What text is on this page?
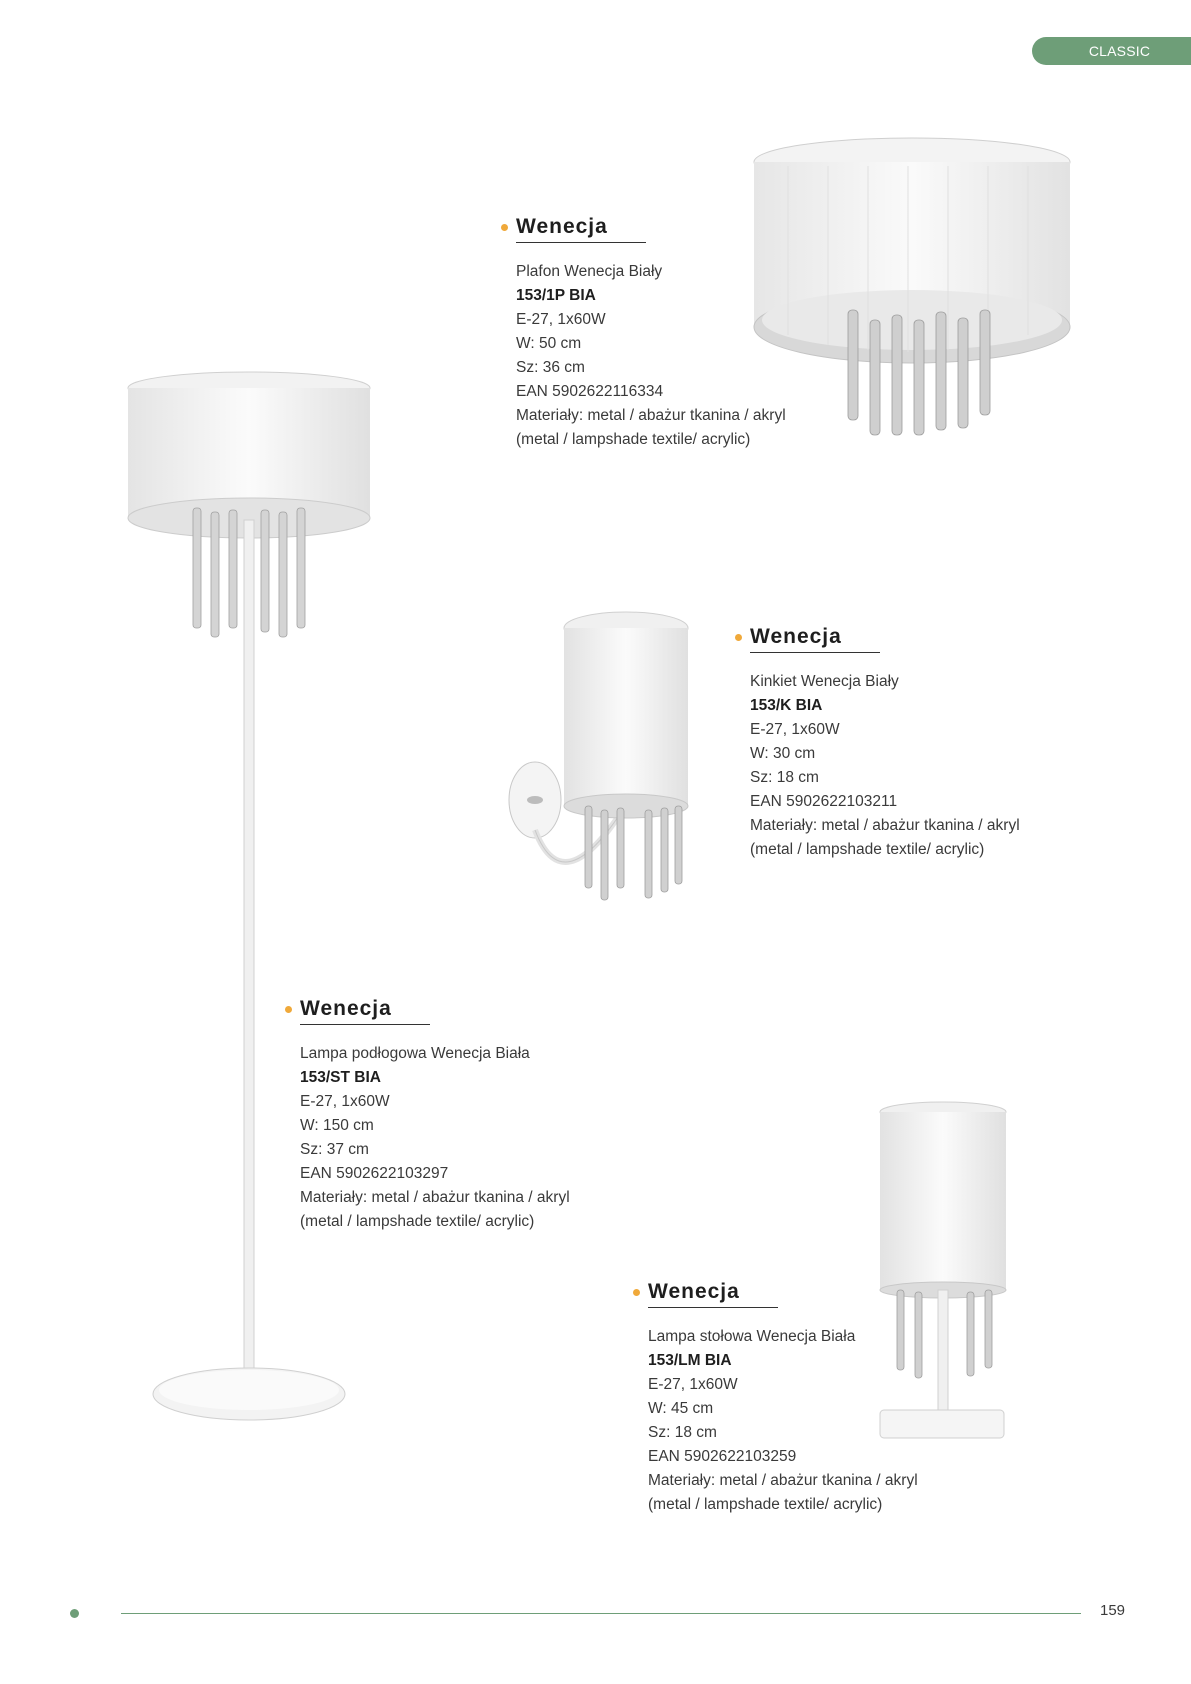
CLASSIC
Wenecja
Plafon Wenecja Biały
153/1P BIA
E-27, 1x60W
W: 50 cm
Sz: 36 cm
EAN 5902622116334
Materiały: metal / abażur tkanina / akryl
(metal / lampshade textile/ acrylic)
Wenecja
Kinkiet Wenecja Biały
153/K BIA
E-27, 1x60W
W: 30 cm
Sz: 18 cm
EAN 5902622103211
Materiały: metal / abażur tkanina / akryl
(metal / lampshade textile/ acrylic)
Wenecja
Lampa podłogowa Wenecja Biała
153/ST BIA
E-27, 1x60W
W: 150 cm
Sz: 37 cm
EAN 5902622103297
Materiały: metal / abażur tkanina / akryl
(metal / lampshade textile/ acrylic)
Wenecja
Lampa stołowa Wenecja Biała
153/LM BIA
E-27, 1x60W
W: 45 cm
Sz: 18 cm
EAN 5902622103259
Materiały: metal / abażur tkanina / akryl
(metal / lampshade textile/ acrylic)
159
